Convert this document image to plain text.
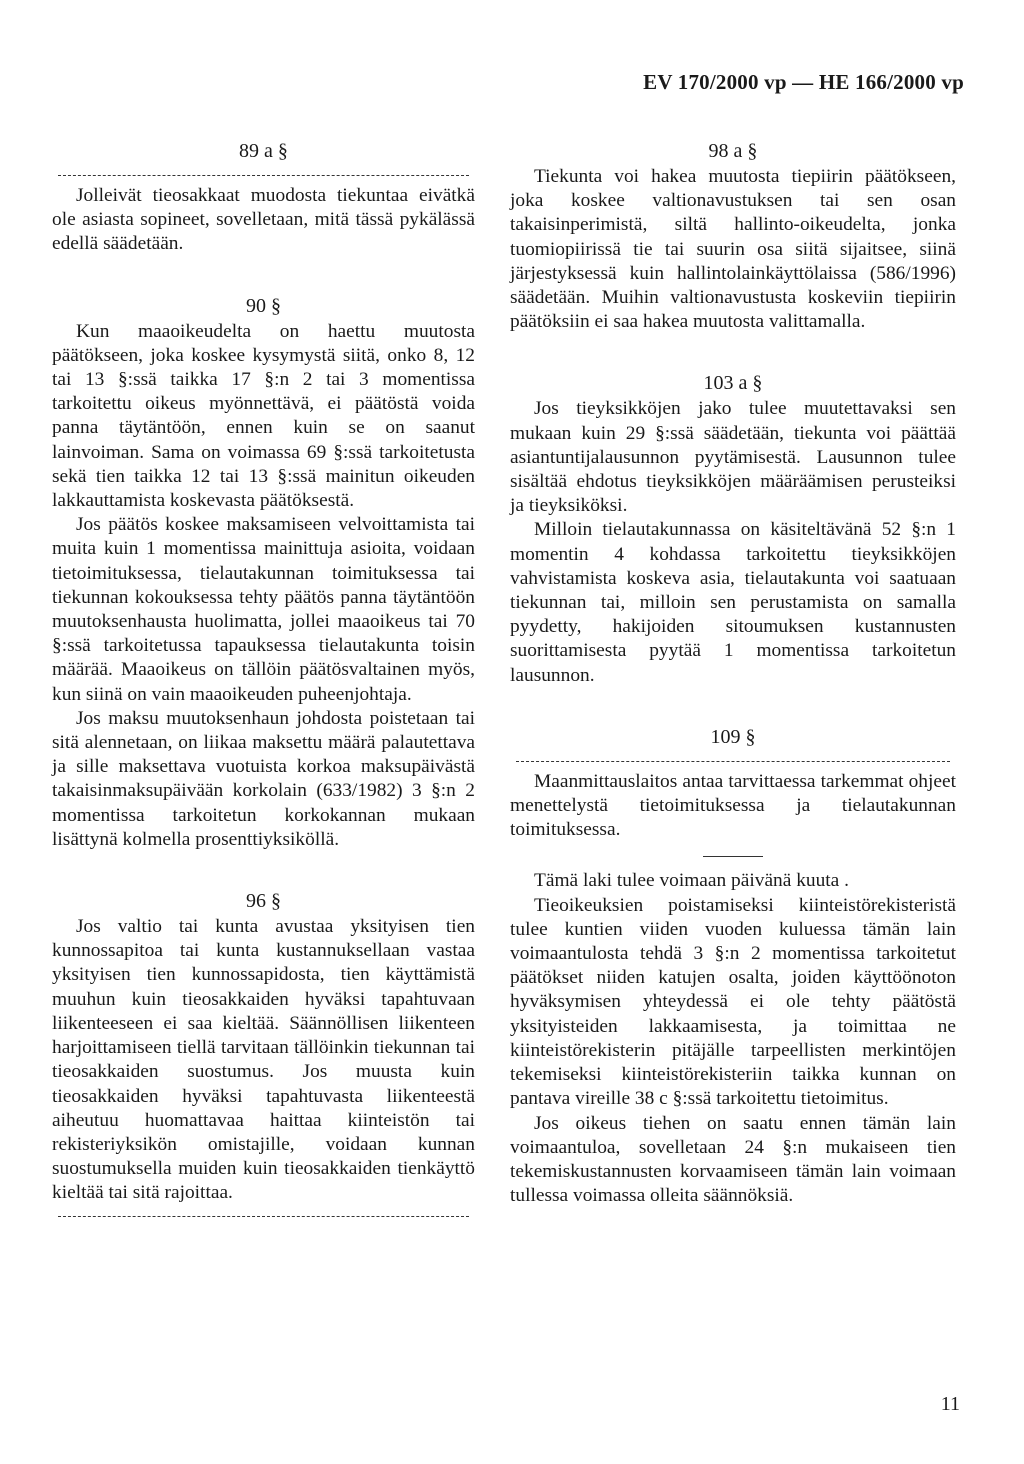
EV 170/2000 vp — HE 166/2000 vp

89 a §

Jolleivät tieosakkaat muodosta tiekuntaa eivätkä ole asiasta sopineet, sovelletaan, mitä tässä pykälässä edellä säädetään.

90 §

Kun maaoikeudelta on haettu muutosta päätökseen, joka koskee kysymystä siitä, onko 8, 12 tai 13 §:ssä taikka 17 §:n 2 tai 3 momentissa tarkoitettu oikeus myönnettävä, ei päätöstä voida panna täytäntöön, ennen kuin se on saanut lainvoiman. Sama on voimassa 69 §:ssä tarkoitetusta sekä tien taikka 12 tai 13 §:ssä mainitun oikeuden lakkauttamista koskevasta päätöksestä.

Jos päätös koskee maksamiseen velvoittamista tai muita kuin 1 momentissa mainittuja asioita, voidaan tietoimituksessa, tielautakunnan toimituksessa tai tiekunnan kokouksessa tehty päätös panna täytäntöön muutoksenhausta huolimatta, jollei maaoikeus tai 70 §:ssä tarkoitetussa tapauksessa tielautakunta toisin määrää. Maaoikeus on tällöin päätösvaltainen myös, kun siinä on vain maaoikeuden puheenjohtaja.

Jos maksu muutoksenhaun johdosta poistetaan tai sitä alennetaan, on liikaa maksettu määrä palautettava ja sille maksettava vuotuista korkoa maksupäivästä takaisinmaksupäivään korkolain (633/1982) 3 §:n 2 momentissa tarkoitetun korkokannan mukaan lisättynä kolmella prosenttiyksiköllä.

96 §

Jos valtio tai kunta avustaa yksityisen tien kunnossapitoa tai kunta kustannuksellaan vastaa yksityisen tien kunnossapidosta, tien käyttämistä muuhun kuin tieosakkaiden hyväksi tapahtuvaan liikenteeseen ei saa kieltää. Säännöllisen liikenteen harjoittamiseen tiellä tarvitaan tällöinkin tiekunnan tai tieosakkaiden suostumus. Jos muusta kuin tieosakkaiden hyväksi tapahtuvasta liikenteestä aiheutuu huomattavaa haittaa kiinteistön tai rekisteriyksikön omistajille, voidaan kunnan suostumuksella muiden kuin tieosakkaiden tienkäyttö kieltää tai sitä rajoittaa.

98 a §

Tiekunta voi hakea muutosta tiepiirin päätökseen, joka koskee valtionavustuksen tai sen osan takaisinperimistä, siltä hallinto-oikeudelta, jonka tuomiopiirissä tie tai suurin osa siitä sijaitsee, siinä järjestyksessä kuin hallintolainkäyttölaissa (586/1996) säädetään. Muihin valtionavustusta koskeviin tiepiirin päätöksiin ei saa hakea muutosta valittamalla.

103 a §

Jos tieyksikköjen jako tulee muutettavaksi sen mukaan kuin 29 §:ssä säädetään, tiekunta voi päättää asiantuntijalausunnon pyytämisestä. Lausunnon tulee sisältää ehdotus tieyksikköjen määräämisen perusteiksi ja tieyksiköksi.

Milloin tielautakunnassa on käsiteltävänä 52 §:n 1 momentin 4 kohdassa tarkoitettu tieyksikköjen vahvistamista koskeva asia, tielautakunta voi saatuaan tiekunnan tai, milloin sen perustamista on samalla pyydetty, hakijoiden sitoumuksen kustannusten suorittamisesta pyytää 1 momentissa tarkoitetun lausunnon.

109 §

Maanmittauslaitos antaa tarvittaessa tarkemmat ohjeet menettelystä tietoimituksessa ja tielautakunnan toimituksessa.

Tämä laki tulee voimaan päivänä kuuta .

Tieoikeuksien poistamiseksi kiinteistörekisteristä tulee kuntien viiden vuoden kuluessa tämän lain voimaantulosta tehdä 3 §:n 2 momentissa tarkoitetut päätökset niiden katujen osalta, joiden käyttöönoton hyväksymisen yhteydessä ei ole tehty päätöstä yksityisteiden lakkaamisesta, ja toimittaa ne kiinteistörekisterin pitäjälle tarpeellisten merkintöjen tekemiseksi kiinteistörekisteriin taikka kunnan on pantava vireille 38 c §:ssä tarkoitettu tietoimitus.

Jos oikeus tiehen on saatu ennen tämän lain voimaantuloa, sovelletaan 24 §:n mukaiseen tien tekemiskustannusten korvaamiseen tämän lain voimaan tullessa voimassa olleita säännöksiä.

11
